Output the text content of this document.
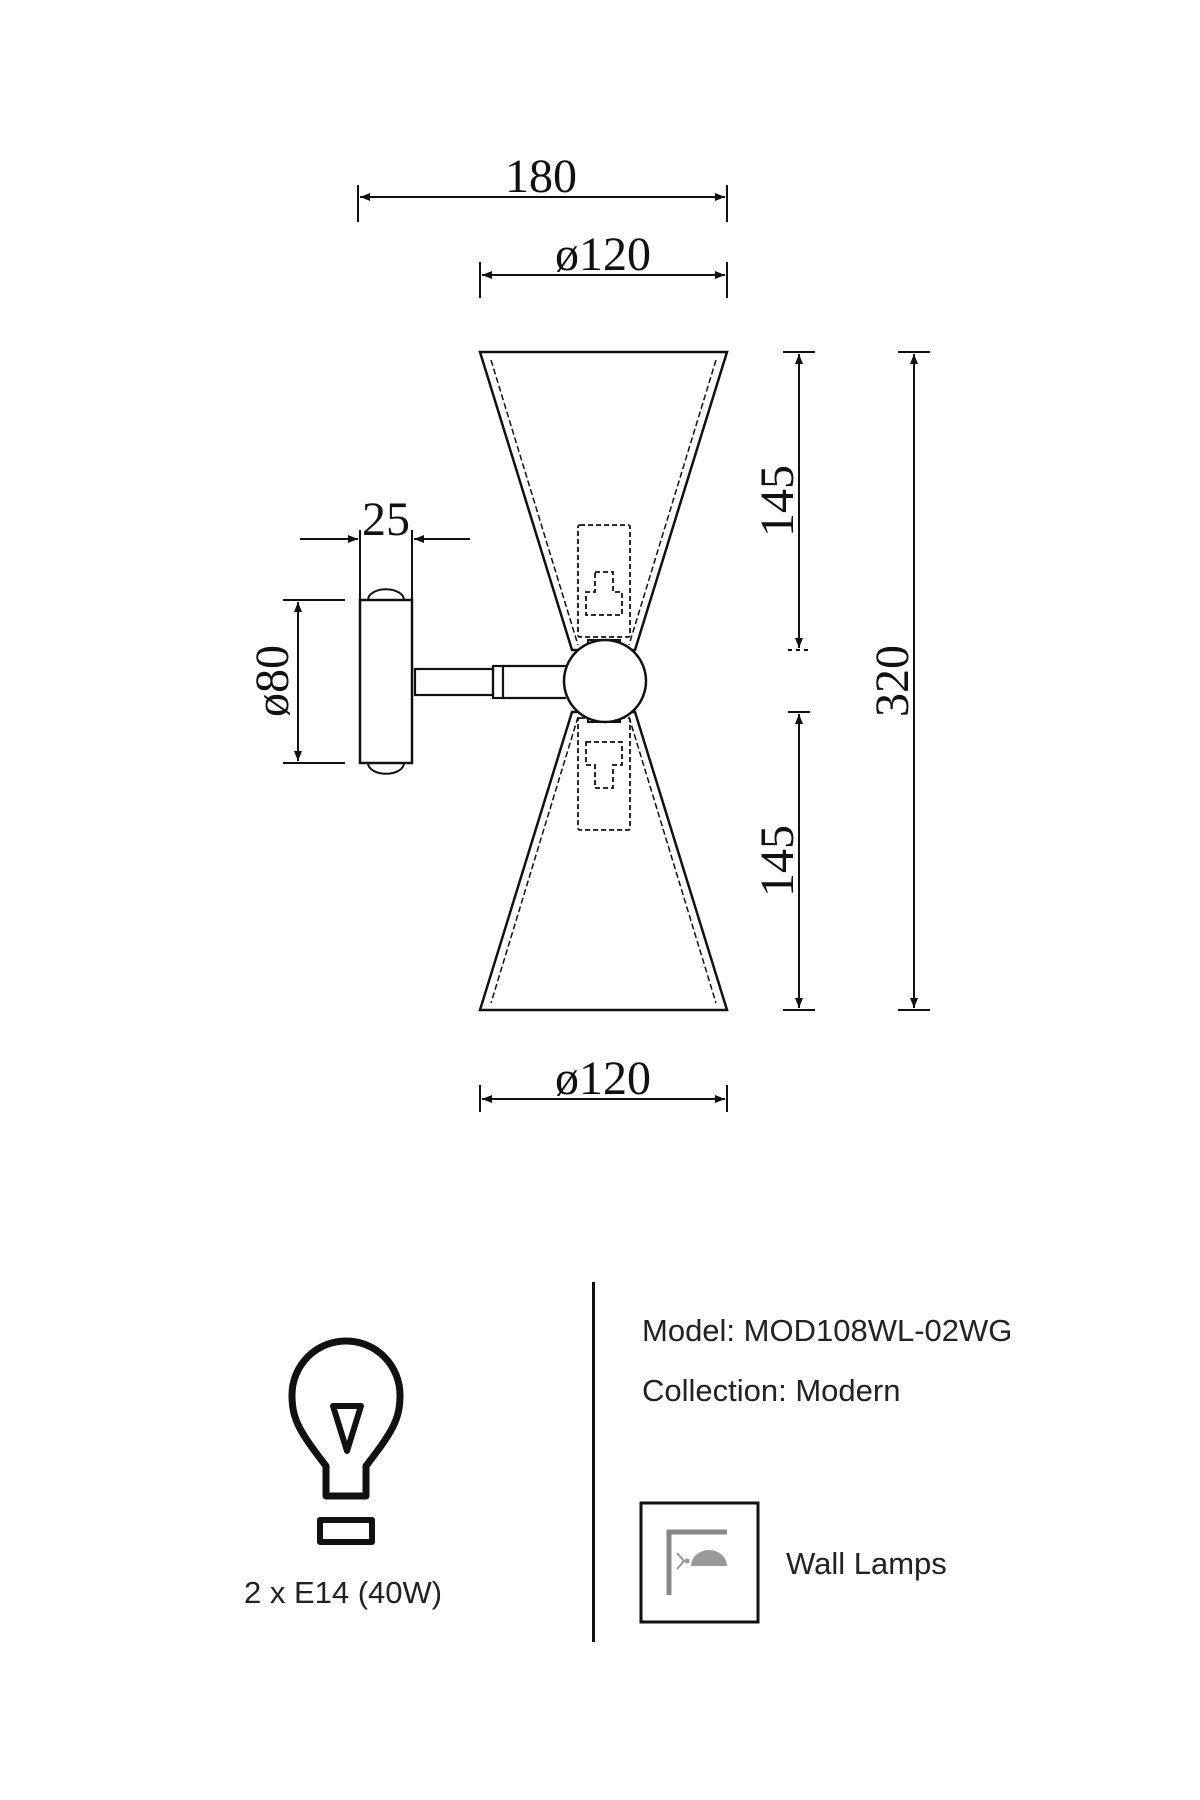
180
ø120
25
ø80
145
145
320
ø120
2 x E14 (40W)
Model: MOD108WL-02WG
Collection: Modern
Wall Lamps
